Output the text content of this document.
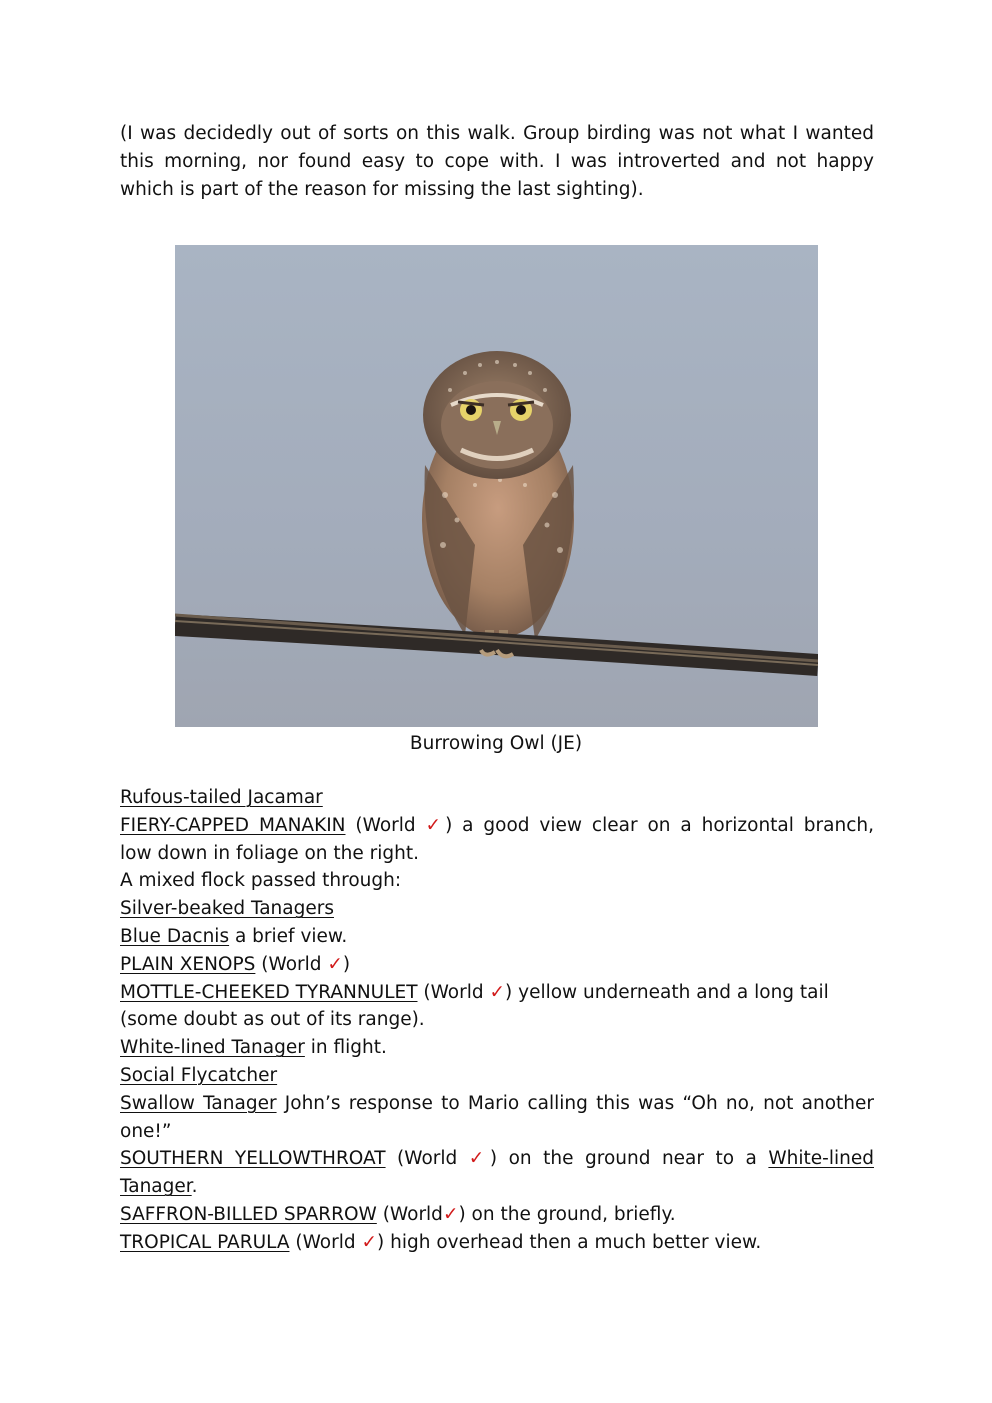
(I was decidedly out of sorts on this walk. Group birding was not what I wanted this morning, nor found easy to cope with. I was introverted and not happy which is part of the reason for missing the last sighting).

Burrowing Owl (JE)
Rufous-tailed Jacamar
FIERY-CAPPED MANAKIN (World ✓) a good view clear on a horizontal branch,
low down in foliage on the right.
A mixed flock passed through:
Silver-beaked Tanagers
Blue Dacnis a brief view.
PLAIN XENOPS (World ✓)
MOTTLE-CHEEKED TYRANNULET (World ✓) yellow underneath and a long tail
(some doubt as out of its range).
White-lined Tanager in flight.
Social Flycatcher
Swallow Tanager John’s response to Mario calling this was “Oh no, not another
one!”
SOUTHERN YELLOWTHROAT (World ✓) on the ground near to a White-lined
Tanager.
SAFFRON-BILLED SPARROW (World✓) on the ground, briefly.
TROPICAL PARULA (World ✓) high overhead then a much better view.
